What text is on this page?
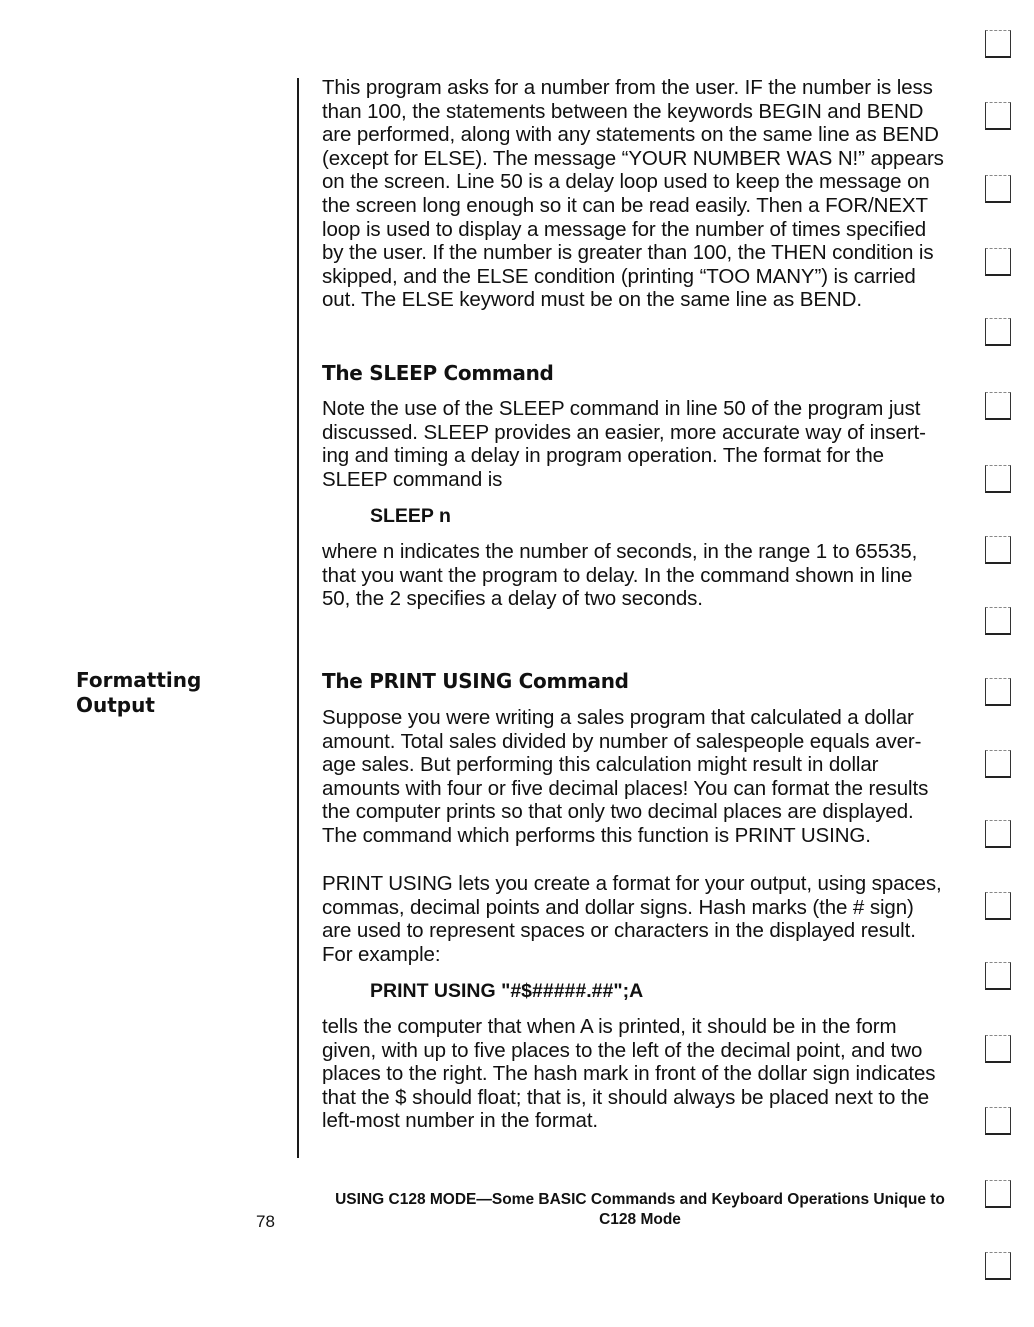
This program asks for a number from the user. IF the number is less

than 100, the statements between the keywords BEGIN and BEND

are performed, along with any statements on the same line as BEND

(except for ELSE). The message “YOUR NUMBER WAS N!” appears

on the screen. Line 50 is a delay loop used to keep the message on

the screen long enough so it can be read easily. Then a FOR/NEXT

loop is used to display a message for the number of times specified

by the user. If the number is greater than 100, the THEN condition is

skipped, and the ELSE condition (printing “TOO MANY”) is carried

out. The ELSE keyword must be on the same line as BEND.

The SLEEP Command

Note the use of the SLEEP command in line 50 of the program just

discussed. SLEEP provides an easier, more accurate way of insert-

ing and timing a delay in program operation. The format for the

SLEEP command is

SLEEP n

where n indicates the number of seconds, in the range 1 to 65535,

that you want the program to delay. In the command shown in line

50, the 2 specifies a delay of two seconds.

Formatting
Output
The PRINT USING Command

Suppose you were writing a sales program that calculated a dollar

amount. Total sales divided by number of salespeople equals aver-

age sales. But performing this calculation might result in dollar

amounts with four or five decimal places! You can format the results

the computer prints so that only two decimal places are displayed.

The command which performs this function is PRINT USING.

PRINT USING lets you create a format for your output, using spaces,

commas, decimal points and dollar signs. Hash marks (the # sign)

are used to represent spaces or characters in the displayed result.

For example:

PRINT USING "#$#####.##";A

tells the computer that when A is printed, it should be in the form

given, with up to five places to the left of the decimal point, and two

places to the right. The hash mark in front of the dollar sign indicates

that the $ should float; that is, it should always be placed next to the

left-most number in the format.

USING C128 MODE—Some BASIC Commands and Keyboard Operations Unique to
C128 Mode
78
